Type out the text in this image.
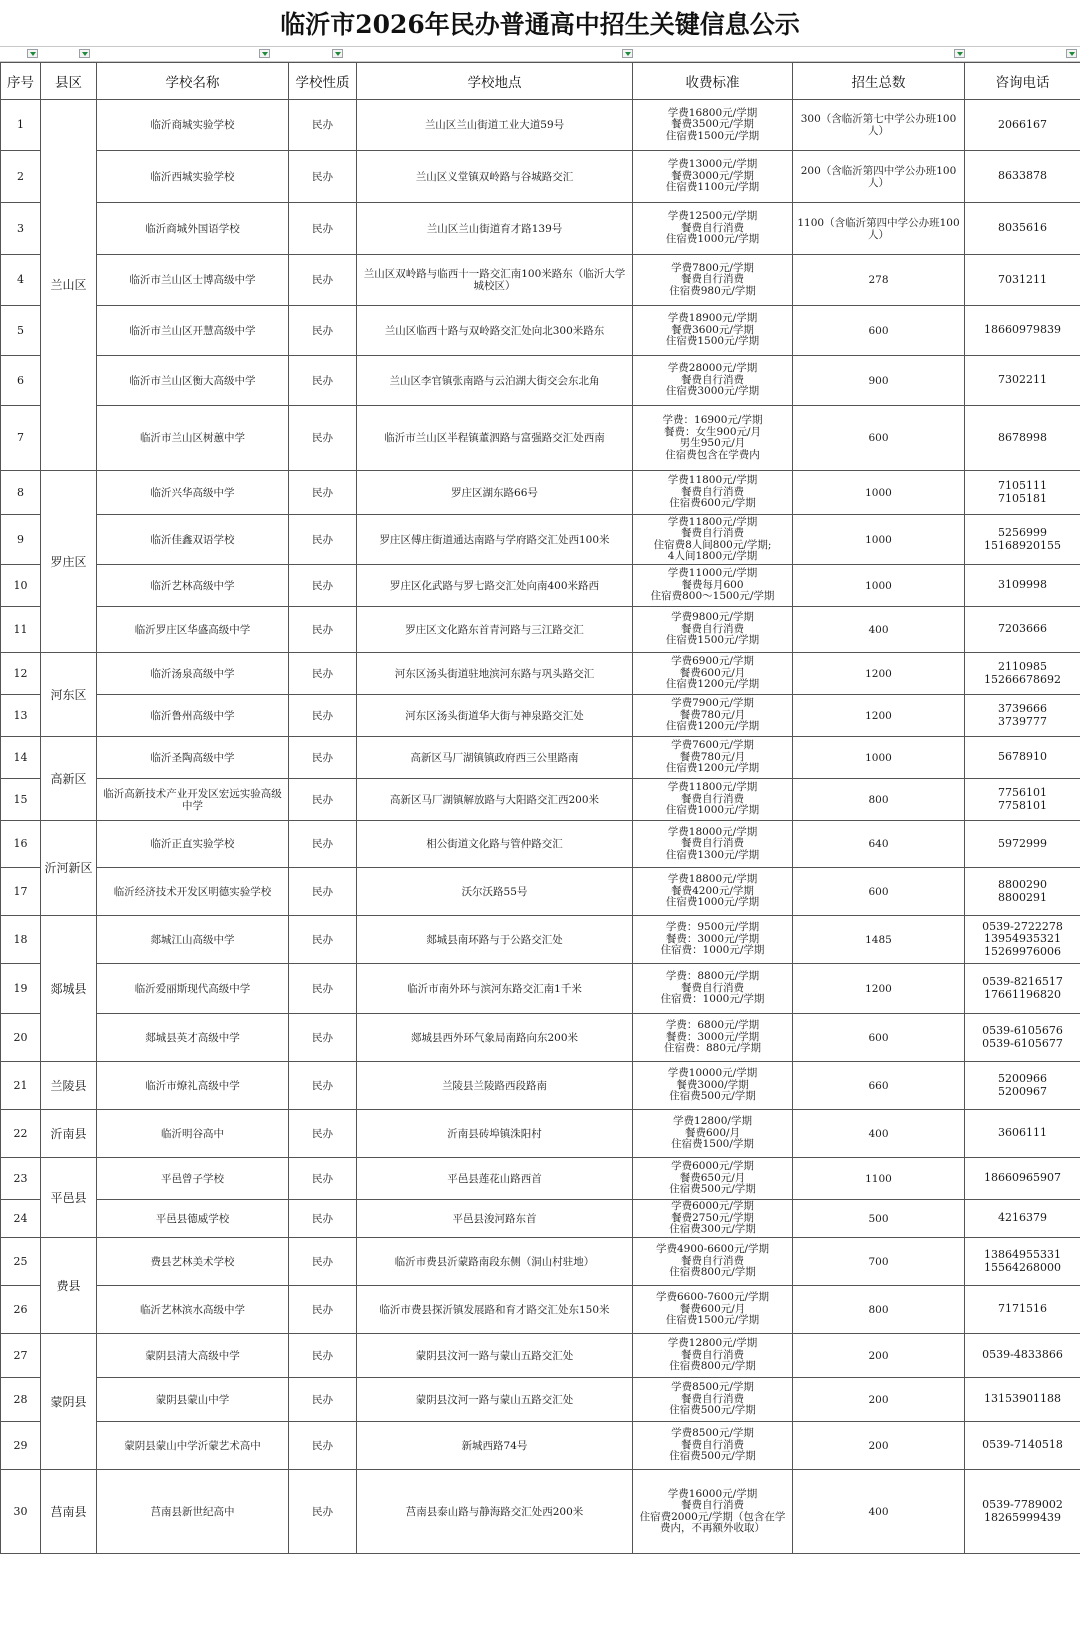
临沂市2026年民办普通高中招生关键信息公示
序号	县区	学校名称	学校性质	学校地点	收费标准	招生总数	咨询电话
1	兰山区	临沂商城实验学校	民办	兰山区兰山街道工业大道59号	学费16800元/学期
餐费3500元/学期
住宿费1500元/学期	300（含临沂第七中学公办班100人）	2066167
2		临沂西城实验学校	民办	兰山区义堂镇双岭路与谷城路交汇	学费13000元/学期
餐费3000元/学期
住宿费1100元/学期	200（含临沂第四中学公办班100人）	8633878
3		临沂商城外国语学校	民办	兰山区兰山街道育才路139号	学费12500元/学期
餐费自行消费
住宿费1000元/学期	1100（含临沂第四中学公办班100人）	8035616
4		临沂市兰山区士博高级中学	民办	兰山区双岭路与临西十一路交汇南100米路东（临沂大学城校区）	学费7800元/学期
餐费自行消费
住宿费980元/学期	278	7031211
5		临沂市兰山区开慧高级中学	民办	兰山区临西十路与双岭路交汇处向北300米路东	学费18900元/学期
餐费3600元/学期
住宿费1500元/学期	600	18660979839
6		临沂市兰山区衡大高级中学	民办	兰山区李官镇张南路与云泊湖大街交会东北角	学费28000元/学期
餐费自行消费
住宿费3000元/学期	900	7302211
7		临沂市兰山区树蕙中学	民办	临沂市兰山区半程镇董泗路与富强路交汇处西南	学费：16900元/学期
餐费：女生900元/月
男生950元/月
住宿费包含在学费内	600	8678998
8	罗庄区	临沂兴华高级中学	民办	罗庄区湖东路66号	学费11800元/学期
餐费自行消费
住宿费600元/学期	1000	7105111
7105181
9		临沂佳鑫双语学校	民办	罗庄区傅庄街道通达南路与学府路交汇处西100米	学费11800元/学期
餐费自行消费
住宿费8人间800元/学期;
4人间1800元/学期	1000	5256999
15168920155
10		临沂艺林高级中学	民办	罗庄区化武路与罗七路交汇处向南400米路西	学费11000元/学期
餐费每月600
住宿费800～1500元/学期	1000	3109998
11		临沂罗庄区华盛高级中学	民办	罗庄区文化路东首青河路与三江路交汇	学费9800元/学期
餐费自行消费
住宿费1500元/学期	400	7203666
12	河东区	临沂汤泉高级中学	民办	河东区汤头街道驻地滨河东路与巩头路交汇	学费6900元/学期
餐费600元/月
住宿费1200元/学期	1200	2110985
15266678692
13		临沂鲁州高级中学	民办	河东区汤头街道华大街与神泉路交汇处	学费7900元/学期
餐费780元/月
住宿费1200元/学期	1200	3739666
3739777
14	高新区	临沂圣陶高级中学	民办	高新区马厂湖镇镇政府西三公里路南	学费7600元/学期
餐费780元/月
住宿费1200元/学期	1000	5678910
15		临沂高新技术产业开发区宏远实验高级中学	民办	高新区马厂湖镇解放路与大阳路交汇西200米	学费11800元/学期
餐费自行消费
住宿费1000元/学期	800	7756101
7758101
16	沂河新区	临沂正直实验学校	民办	相公街道文化路与管仲路交汇	学费18000元/学期
餐费自行消费
住宿费1300元/学期	640	5972999
17		临沂经济技术开发区明德实验学校	民办	沃尔沃路55号	学费18800元/学期
餐费4200元/学期
住宿费1000元/学期	600	8800290
8800291
18	郯城县	郯城江山高级中学	民办	郯城县南环路与于公路交汇处	学费：9500元/学期
餐费：3000元/学期
住宿费：1000元/学期	1485	0539-2722278
13954935321
15269976006
19		临沂爱丽斯现代高级中学	民办	临沂市南外环与滨河东路交汇南1千米	学费：8800元/学期
餐费自行消费
住宿费：1000元/学期	1200	0539-8216517
17661196820
20		郯城县英才高级中学	民办	郯城县西外环气象局南路向东200米	学费：6800元/学期
餐费：3000元/学期
住宿费：880元/学期	600	0539-6105676
0539-6105677
21	兰陵县	临沂市燎礼高级中学	民办	兰陵县兰陵路西段路南	学费10000元/学期
餐费3000/学期
住宿费500元/学期	660	5200966
5200967
22	沂南县	临沂明谷高中	民办	沂南县砖埠镇洙阳村	学费12800/学期
餐费600/月
住宿费1500/学期	400	3606111
23	平邑县	平邑曾子学校	民办	平邑县莲花山路西首	学费6000元/学期
餐费650元/月
住宿费500元/学期	1100	18660965907
24		平邑县德威学校	民办	平邑县浚河路东首	学费6000元/学期
餐费2750元/学期
住宿费300元/学期	500	4216379
25	费县	费县艺林美术学校	民办	临沂市费县沂蒙路南段东侧（洞山村驻地）	学费4900-6600元/学期
餐费自行消费
住宿费800元/学期	700	13864955331
15564268000
26		临沂艺林滨水高级中学	民办	临沂市费县探沂镇发展路和育才路交汇处东150米	学费6600-7600元/学期
餐费600元/月
住宿费1500元/学期	800	7171516
27	蒙阴县	蒙阴县清大高级中学	民办	蒙阴县汶河一路与蒙山五路交汇处	学费12800元/学期
餐费自行消费
住宿费800元/学期	200	0539-4833866
28		蒙阴县蒙山中学	民办	蒙阴县汶河一路与蒙山五路交汇处	学费8500元/学期
餐费自行消费
住宿费500元/学期	200	13153901188
29		蒙阴县蒙山中学沂蒙艺术高中	民办	新城西路74号	学费8500元/学期
餐费自行消费
住宿费500元/学期	200	0539-7140518
30	莒南县	莒南县新世纪高中	民办	莒南县泰山路与静海路交汇处西200米	学费16000元/学期
餐费自行消费
住宿费2000元/学期（包含在学费内，不再额外收取）	400	0539-7789002
18265999439
